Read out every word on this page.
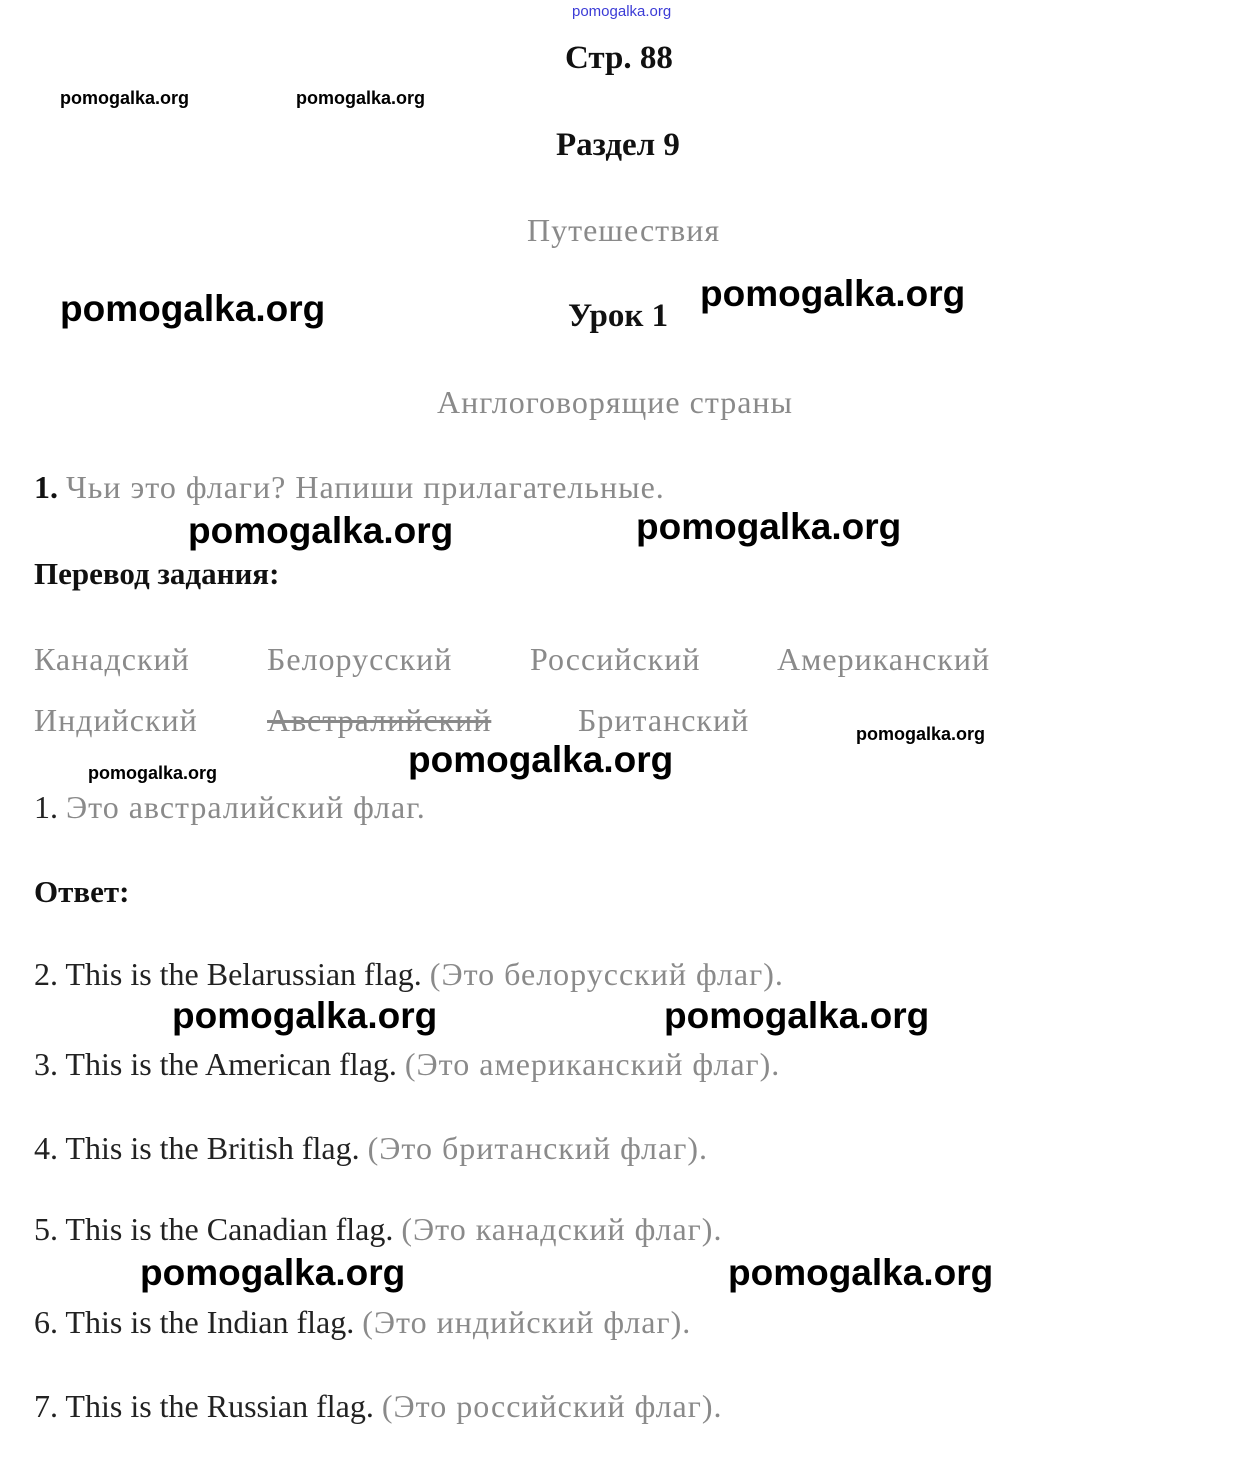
pomogalka.org
Стр. 88
pomogalka.org	pomogalka.org
Раздел 9
Путешествия
pomogalka.org	Урок 1
pomogalka.org
Англоговорящие страны
1. Чьи это флаги? Напиши прилагательные.
pomogalka.org	pomogalka.org
Перевод задания:
Канадский Белорусский Российский Американский
Индийский Австралийский	Британский	pomogalka.org
pomogalka.org
pomogalka.org
1. Это австралийский флаг.
Ответ:
2. This is the Belarussian flag. (Это белорусский флаг).
pomogalka.org	pomogalka.org
3. This is the American flag. (Это американский флаг).
4. This is the British flag. (Это британский флаг).
5. This is the Canadian flag. (Это канадский флаг).
pomogalka.org	pomogalka.org
6. This is the Indian flag. (Это индийский флаг).
7. This is the Russian flag. (Это российский флаг).
